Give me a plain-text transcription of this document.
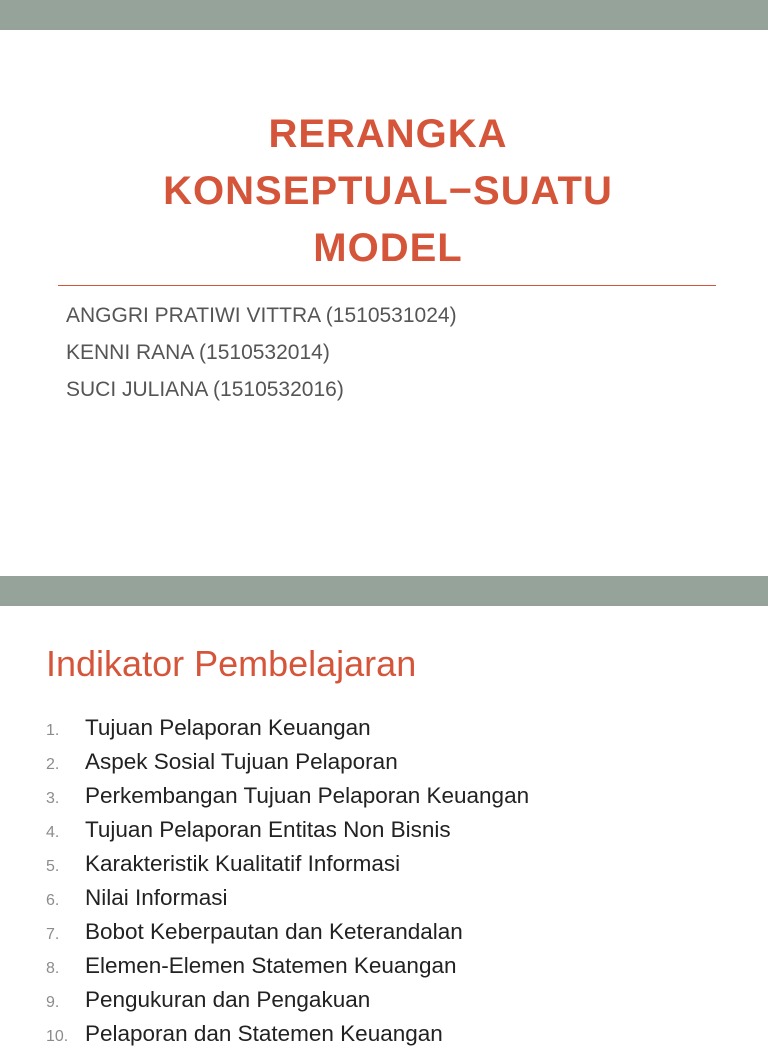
RERANGKA
KONSEPTUAL−SUATU
MODEL
ANGGRI PRATIWI VITTRA (1510531024)
KENNI RANA (1510532014)
SUCI JULIANA (1510532016)
Indikator Pembelajaran
1. Tujuan Pelaporan Keuangan
2. Aspek Sosial Tujuan Pelaporan
3. Perkembangan Tujuan Pelaporan Keuangan
4. Tujuan Pelaporan Entitas Non Bisnis
5. Karakteristik Kualitatif Informasi
6. Nilai Informasi
7. Bobot Keberpautan dan Keterandalan
8. Elemen-Elemen Statemen Keuangan
9. Pengukuran dan Pengakuan
10. Pelaporan dan Statemen Keuangan
